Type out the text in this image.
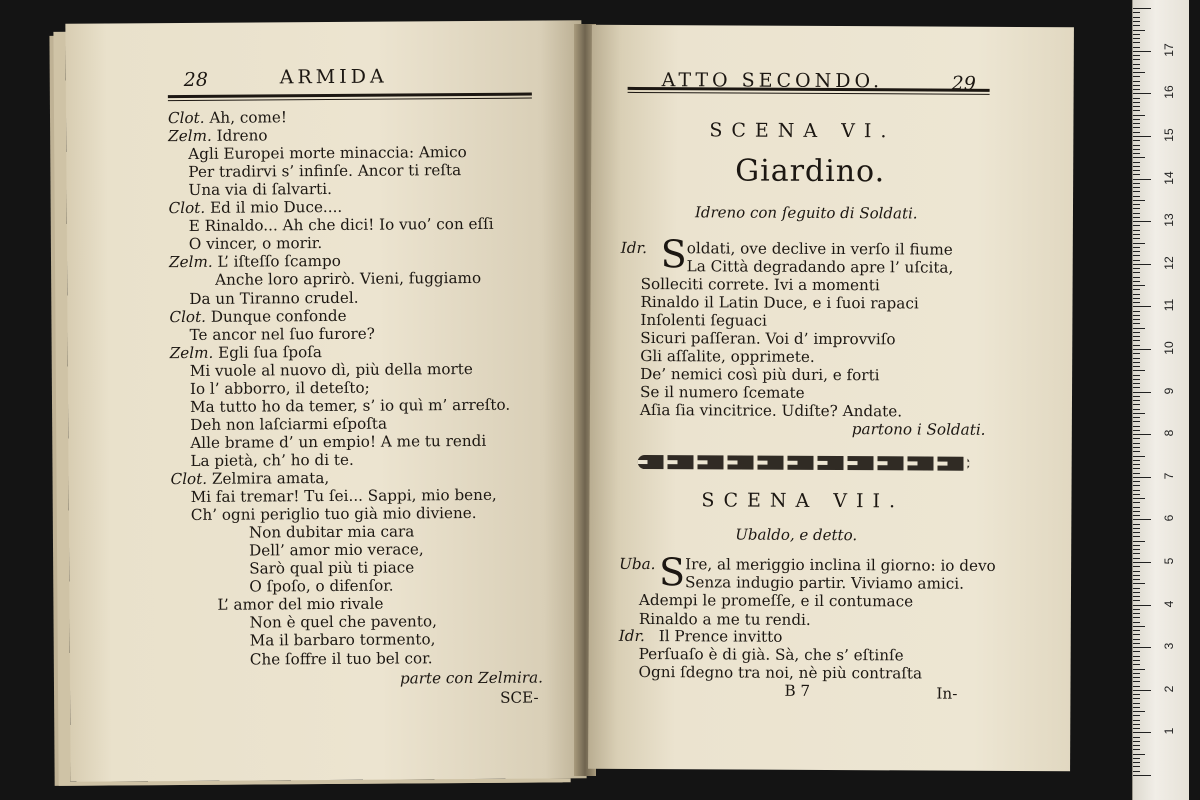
28	ARMIDA
Clot. Ah, come!
Zelm. Idreno
Agli Europei morte minaccia: Amico
Per tradirvi s’ infinſe. Ancor ti reſta
Una via di ſalvarti.
Clot. Ed il mio Duce....
E Rinaldo... Ah che dici! Io vuo’ con eſſi
O vincer, o morir.
Zelm. L’ iſteſſo ſcampo
Anche loro aprirò. Vieni, fuggiamo
Da un Tiranno crudel.
Clot. Dunque confonde
Te ancor nel ſuo furore?
Zelm. Egli ſua ſpoſa
Mi vuole al nuovo dì, più della morte
Io l’ abborro, il deteſto;
Ma tutto ho da temer, s’ io quì m’ arreſto.
Deh non laſciarmi eſpoſta
Alle brame d’ un empio! A me tu rendi
La pietà, ch’ ho di te.
Clot. Zelmira amata,
Mi fai tremar! Tu ſei... Sappi, mio bene,
Ch’ ogni periglio tuo già mio diviene.
Non dubitar mia cara
Dell’ amor mio verace,
Sarò qual più ti piace
O ſpoſo, o difenſor.
L’ amor del mio rivale
Non è quel che pavento,
Ma il barbaro tormento,
Che ſoffre il tuo bel cor.
parte con Zelmira.
SCE-
ATTO SECONDO.	29
SCENA VI.
Giardino.
Idreno con ſeguito di Soldati.
Idr. S oldati, ove declive in verſo il fiume
La Città degradando apre l’ uſcita,
Solleciti correte. Ivi a momenti
Rinaldo il Latin Duce, e i ſuoi rapaci
Inſolenti ſeguaci
Sicuri paſſeran. Voi d’ improvviſo
Gli aſſalite, opprimete.
De’ nemici così più duri, e forti
Se il numero ſcemate
Aſia ſia vincitrice. Udiſte? Andate.
partono i Soldati.
SCENA VII.
Ubaldo, e detto.
Uba. S Ire, al meriggio inclina il giorno: io devo
Senza indugio partir. Viviamo amici.
Adempi le promeſſe, e il contumace
Rinaldo a me tu rendi.
Idr. Il Prence invitto
Perſuaſo è di già. Sà, che s’ eſtinſe
Ogni ſdegno tra noi, nè più contraſta
B 7	In-
1
2
3
4
5
6
7
8
9
10
11
12
13
14
15
16
17
